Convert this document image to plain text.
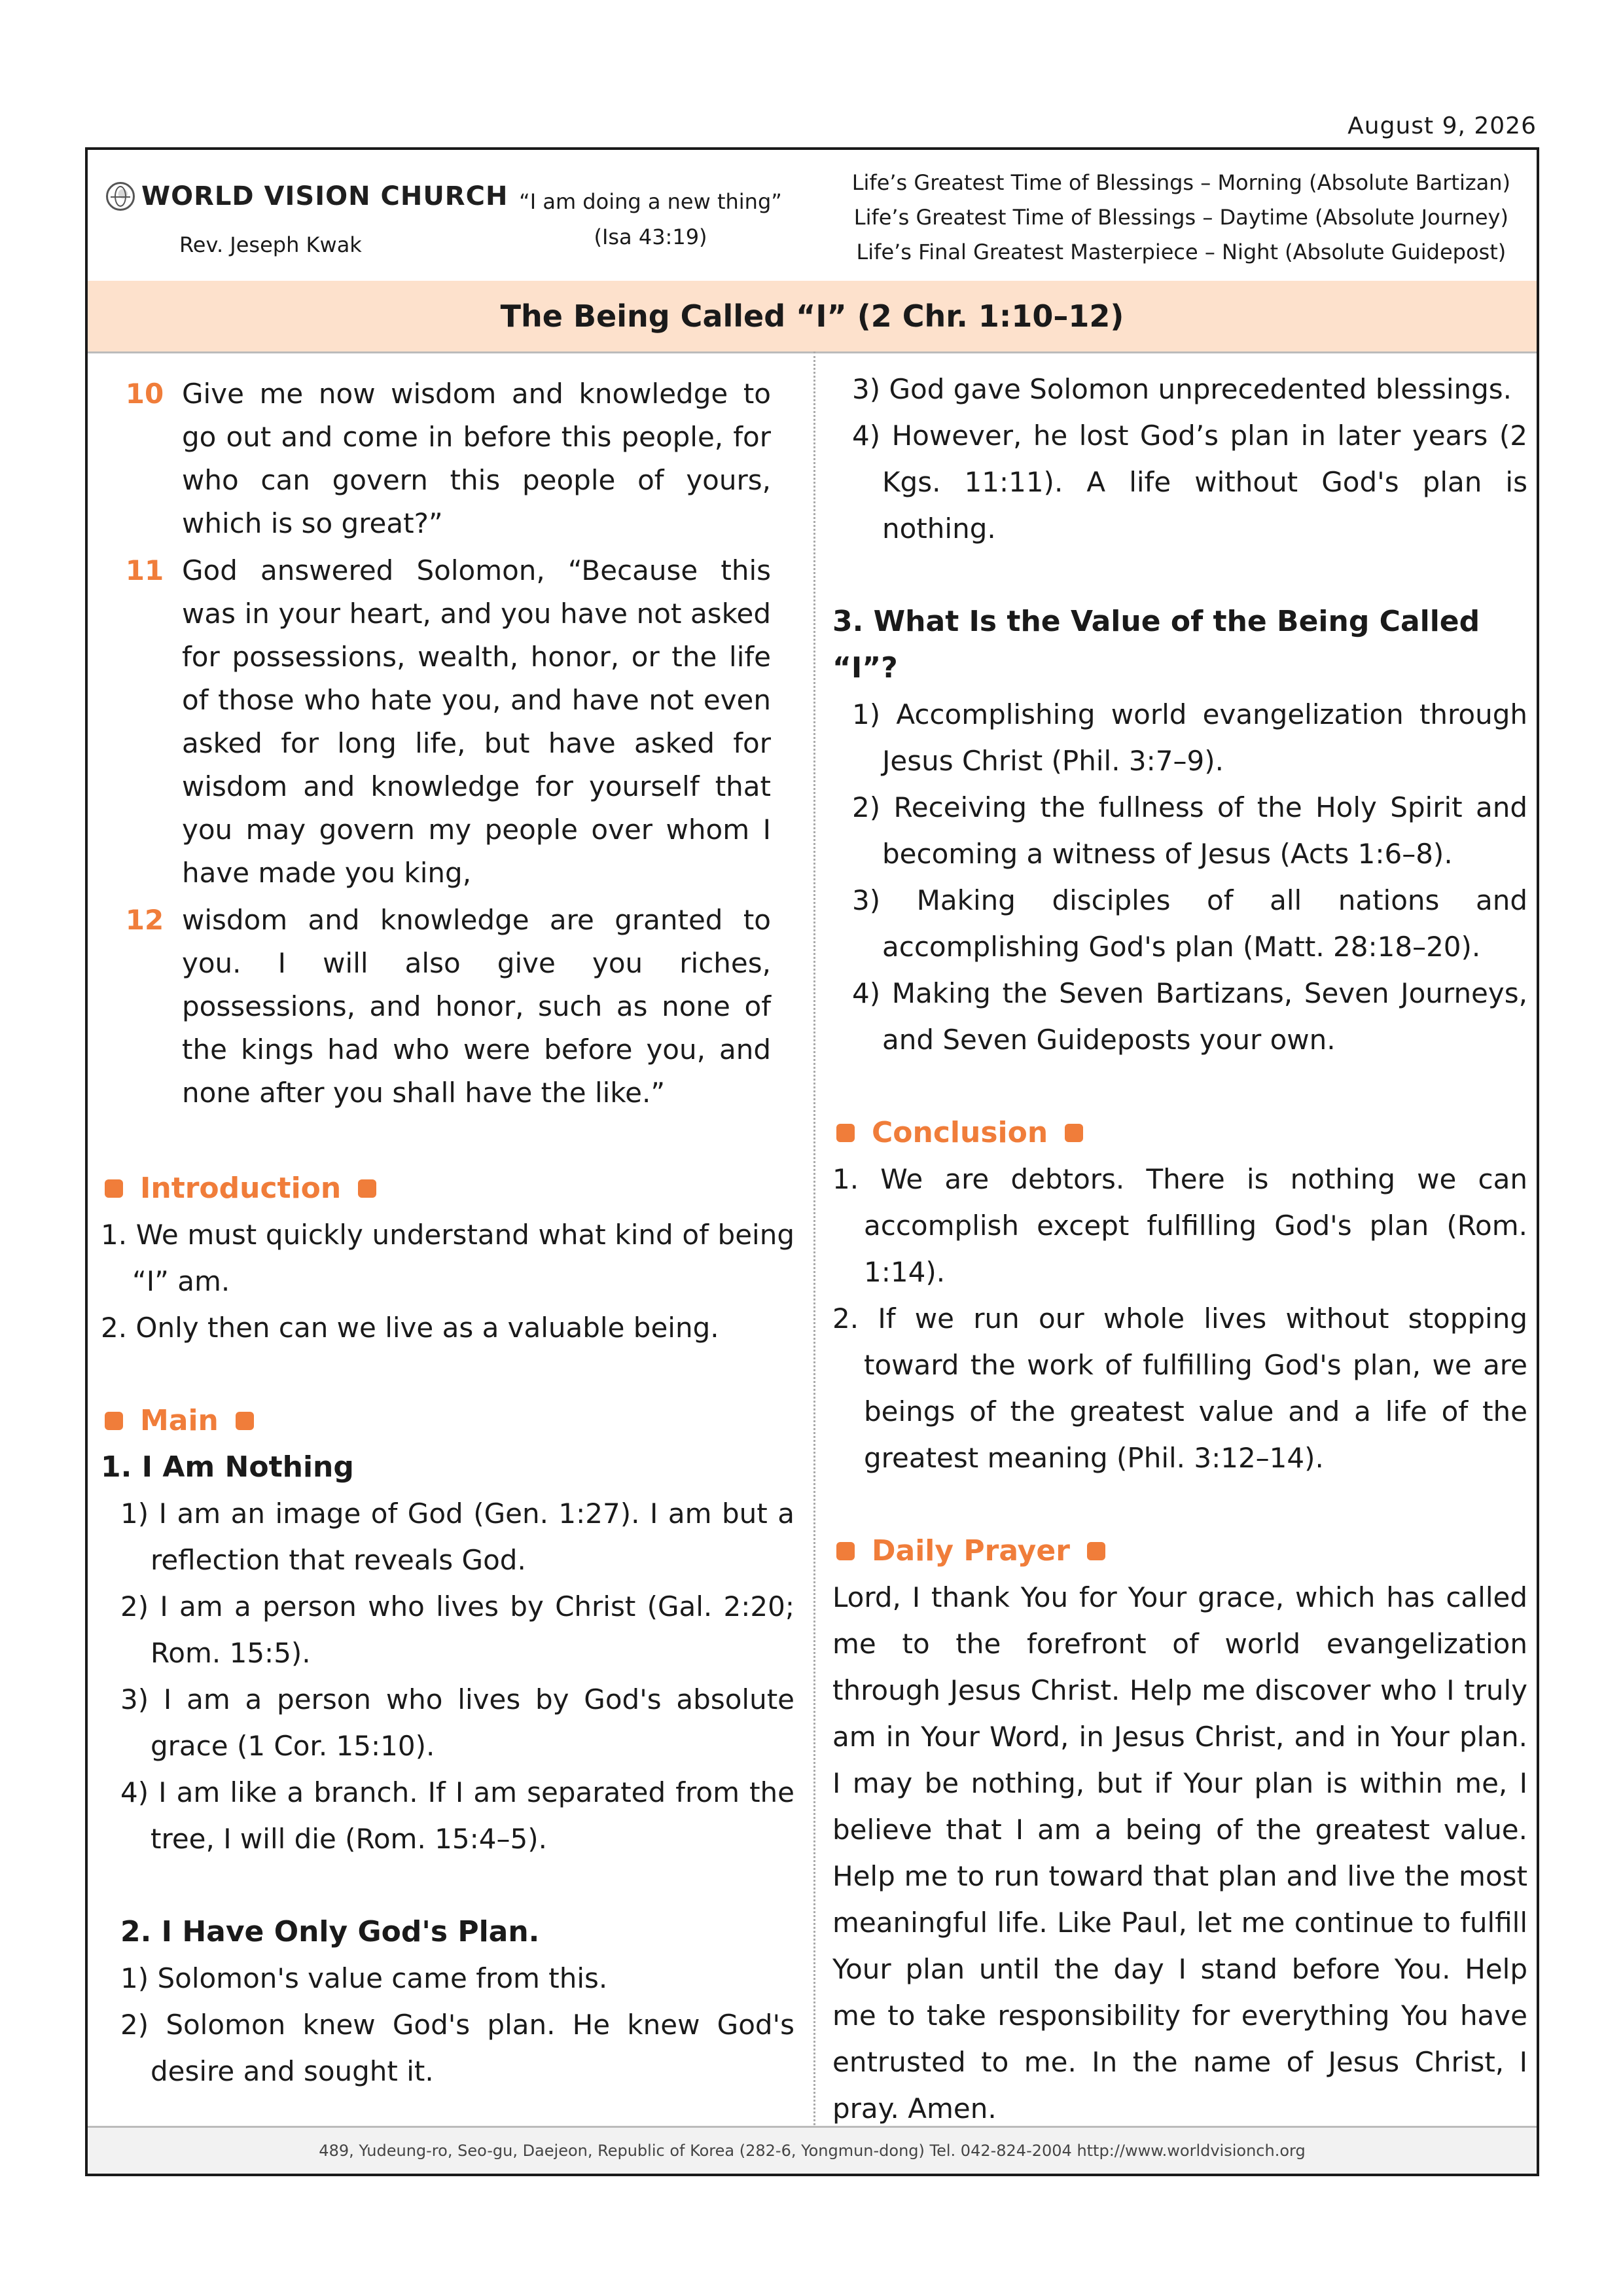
August 9, 2026
WORLD VISION CHURCH
Rev. Jeseph Kwak
“I am doing a new thing”
(Isa 43:19)
Life’s Greatest Time of Blessings – Morning (Absolute Bartizan)
Life’s Greatest Time of Blessings – Daytime (Absolute Journey)
Life’s Final Greatest Masterpiece – Night (Absolute Guidepost)
The Being Called “I” (2 Chr. 1:10–12)
10 Give me now wisdom and knowledge to go out and come in before this people, for who can govern this people of yours, which is so great?”
11 God answered Solomon, “Because this was in your heart, and you have not asked for possessions, wealth, honor, or the life of those who hate you, and have not even asked for long life, but have asked for wisdom and knowledge for yourself that you may govern my people over whom I have made you king,
12 wisdom and knowledge are granted to you. I will also give you riches, possessions, and honor, such as none of the kings had who were before you, and none after you shall have the like.”
Introduction
1. We must quickly understand what kind of being “I” am.
2. Only then can we live as a valuable being.
Main
1. I Am Nothing
1) I am an image of God (Gen. 1:27). I am but a reflection that reveals God.
2) I am a person who lives by Christ (Gal. 2:20; Rom. 15:5).
3) I am a person who lives by God's absolute grace (1 Cor. 15:10).
4) I am like a branch. If I am separated from the tree, I will die (Rom. 15:4–5).
2. I Have Only God's Plan.
1) Solomon's value came from this.
2) Solomon knew God's plan. He knew God's desire and sought it.
3) God gave Solomon unprecedented blessings.
4) However, he lost God’s plan in later years (2 Kgs. 11:11). A life without God's plan is nothing.
3. What Is the Value of the Being Called “I”?
1) Accomplishing world evangelization through Jesus Christ (Phil. 3:7–9).
2) Receiving the fullness of the Holy Spirit and becoming a witness of Jesus (Acts 1:6–8).
3) Making disciples of all nations and accomplishing God's plan (Matt. 28:18–20).
4) Making the Seven Bartizans, Seven Journeys, and Seven Guideposts your own.
Conclusion
1. We are debtors. There is nothing we can accomplish except fulfilling God's plan (Rom. 1:14).
2. If we run our whole lives without stopping toward the work of fulfilling God's plan, we are beings of the greatest value and a life of the greatest meaning (Phil. 3:12–14).
Daily Prayer
Lord, I thank You for Your grace, which has called me to the forefront of world evangelization through Jesus Christ. Help me discover who I truly am in Your Word, in Jesus Christ, and in Your plan. I may be nothing, but if Your plan is within me, I believe that I am a being of the greatest value. Help me to run toward that plan and live the most meaningful life. Like Paul, let me continue to fulfill Your plan until the day I stand before You. Help me to take responsibility for everything You have entrusted to me. In the name of Jesus Christ, I pray. Amen.
489, Yudeung-ro, Seo-gu, Daejeon, Republic of Korea (282-6, Yongmun-dong) Tel. 042-824-2004 http://www.worldvisionch.org
